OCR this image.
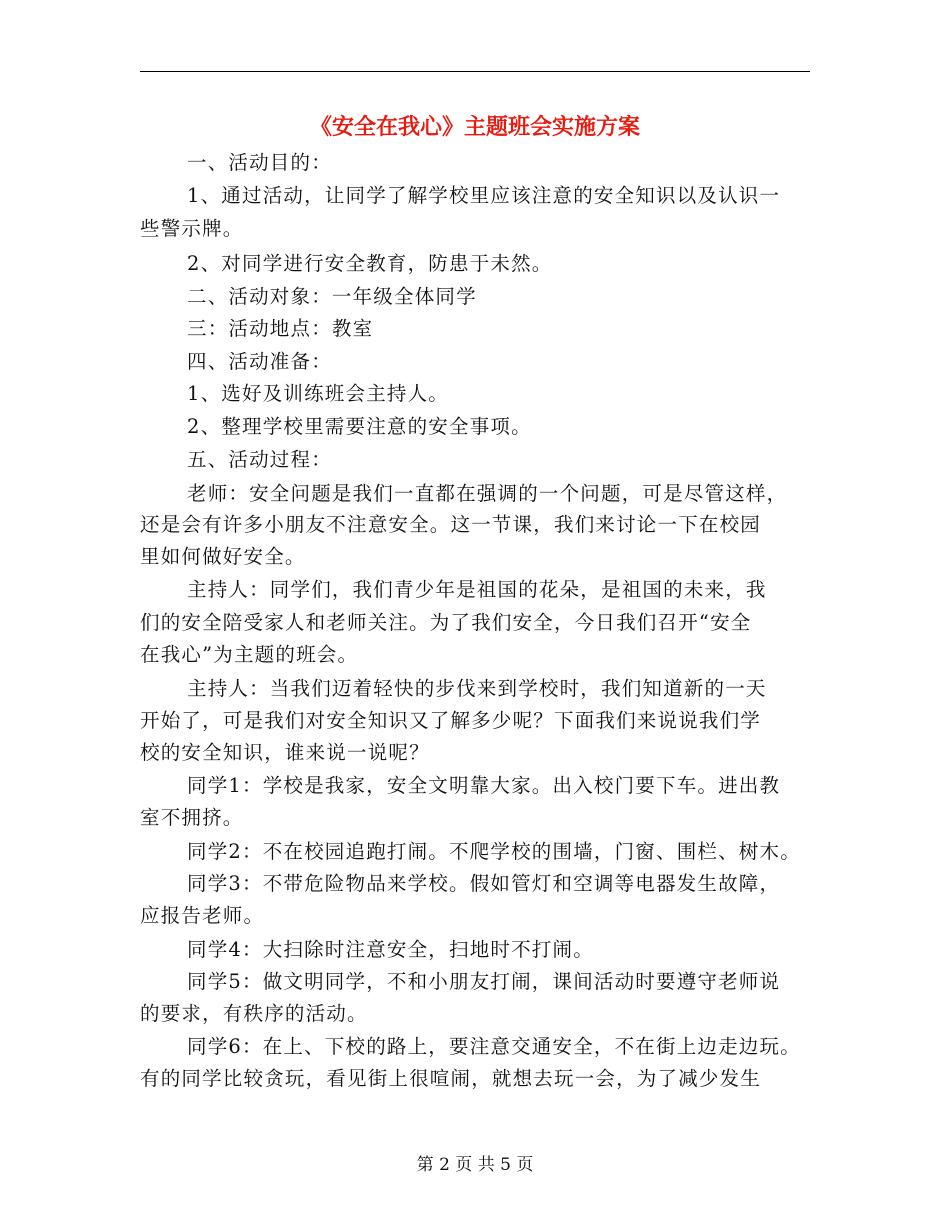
《安全在我心》主题班会实施方案
一、活动目的：
1、通过活动，让同学了解学校里应该注意的安全知识以及认识一
些警示牌。
2、对同学进行安全教育，防患于未然。
二、活动对象：一年级全体同学
三：活动地点：教室
四、活动准备：
1、选好及训练班会主持人。
2、整理学校里需要注意的安全事项。
五、活动过程：
老师：安全问题是我们一直都在强调的一个问题，可是尽管这样，
还是会有许多小朋友不注意安全。这一节课，我们来讨论一下在校园
里如何做好安全。
主持人：同学们，我们青少年是祖国的花朵，是祖国的未来，我
们的安全陪受家人和老师关注。为了我们安全，今日我们召开“安全
在我心”为主题的班会。
主持人：当我们迈着轻快的步伐来到学校时，我们知道新的一天
开始了，可是我们对安全知识又了解多少呢？下面我们来说说我们学
校的安全知识，谁来说一说呢？
同学1：学校是我家，安全文明靠大家。出入校门要下车。进出教
室不拥挤。
同学2：不在校园追跑打闹。不爬学校的围墙，门窗、围栏、树木。
同学3：不带危险物品来学校。假如管灯和空调等电器发生故障，
应报告老师。
同学4：大扫除时注意安全，扫地时不打闹。
同学5：做文明同学，不和小朋友打闹，课间活动时要遵守老师说
的要求，有秩序的活动。
同学6：在上、下校的路上，要注意交通安全，不在街上边走边玩。
有的同学比较贪玩，看见街上很喧闹，就想去玩一会，为了减少发生
第 2 页 共 5 页
